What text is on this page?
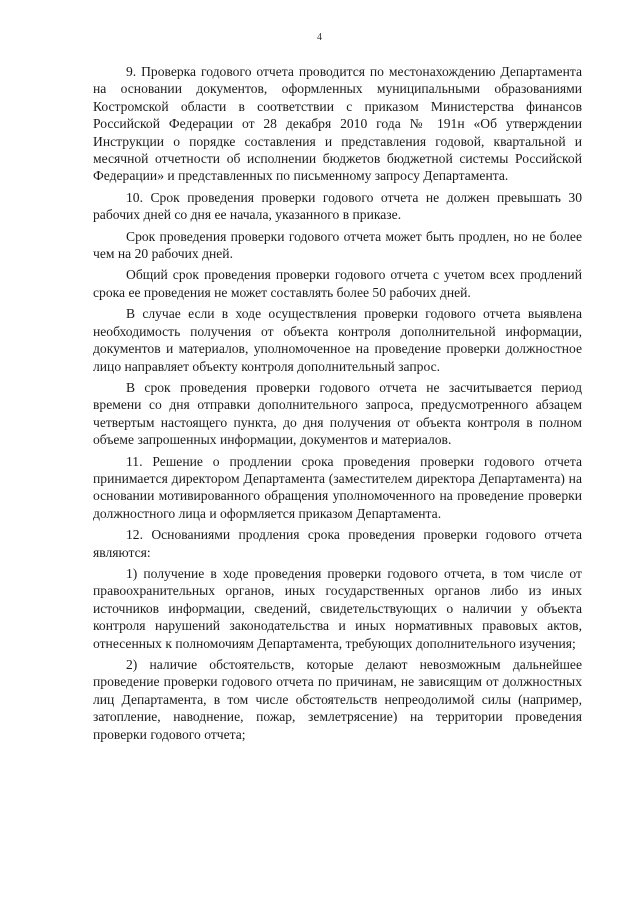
4

9. Проверка годового отчета проводится по местонахождению Департамента на основании документов, оформленных муниципальными образованиями Костромской области в соответствии с приказом Министерства финансов Российской Федерации от 28 декабря 2010 года № 191н «Об утверждении Инструкции о порядке составления и представления годовой, квартальной и месячной отчетности об исполнении бюджетов бюджетной системы Российской Федерации» и представленных по письменному запросу Департамента.

10. Срок проведения проверки годового отчета не должен превышать 30 рабочих дней со дня ее начала, указанного в приказе.

Срок проведения проверки годового отчета может быть продлен, но не более чем на 20 рабочих дней.

Общий срок проведения проверки годового отчета с учетом всех продлений срока ее проведения не может составлять более 50 рабочих дней.

В случае если в ходе осуществления проверки годового отчета выявлена необходимость получения от объекта контроля дополнительной информации, документов и материалов, уполномоченное на проведение проверки должностное лицо направляет объекту контроля дополнительный запрос.

В срок проведения проверки годового отчета не засчитывается период времени со дня отправки дополнительного запроса, предусмотренного абзацем четвертым настоящего пункта, до дня получения от объекта контроля в полном объеме запрошенных информации, документов и материалов.

11. Решение о продлении срока проведения проверки годового отчета принимается директором Департамента (заместителем директора Департамента) на основании мотивированного обращения уполномоченного на проведение проверки должностного лица и оформляется приказом Департамента.

12. Основаниями продления срока проведения проверки годового отчета являются:

1) получение в ходе проведения проверки годового отчета, в том числе от правоохранительных органов, иных государственных органов либо из иных источников информации, сведений, свидетельствующих о наличии у объекта контроля нарушений законодательства и иных нормативных правовых актов, отнесенных к полномочиям Департамента, требующих дополнительного изучения;

2) наличие обстоятельств, которые делают невозможным дальнейшее проведение проверки годового отчета по причинам, не зависящим от должностных лиц Департамента, в том числе обстоятельств непреодолимой силы (например, затопление, наводнение, пожар, землетрясение) на территории проведения проверки годового отчета;
